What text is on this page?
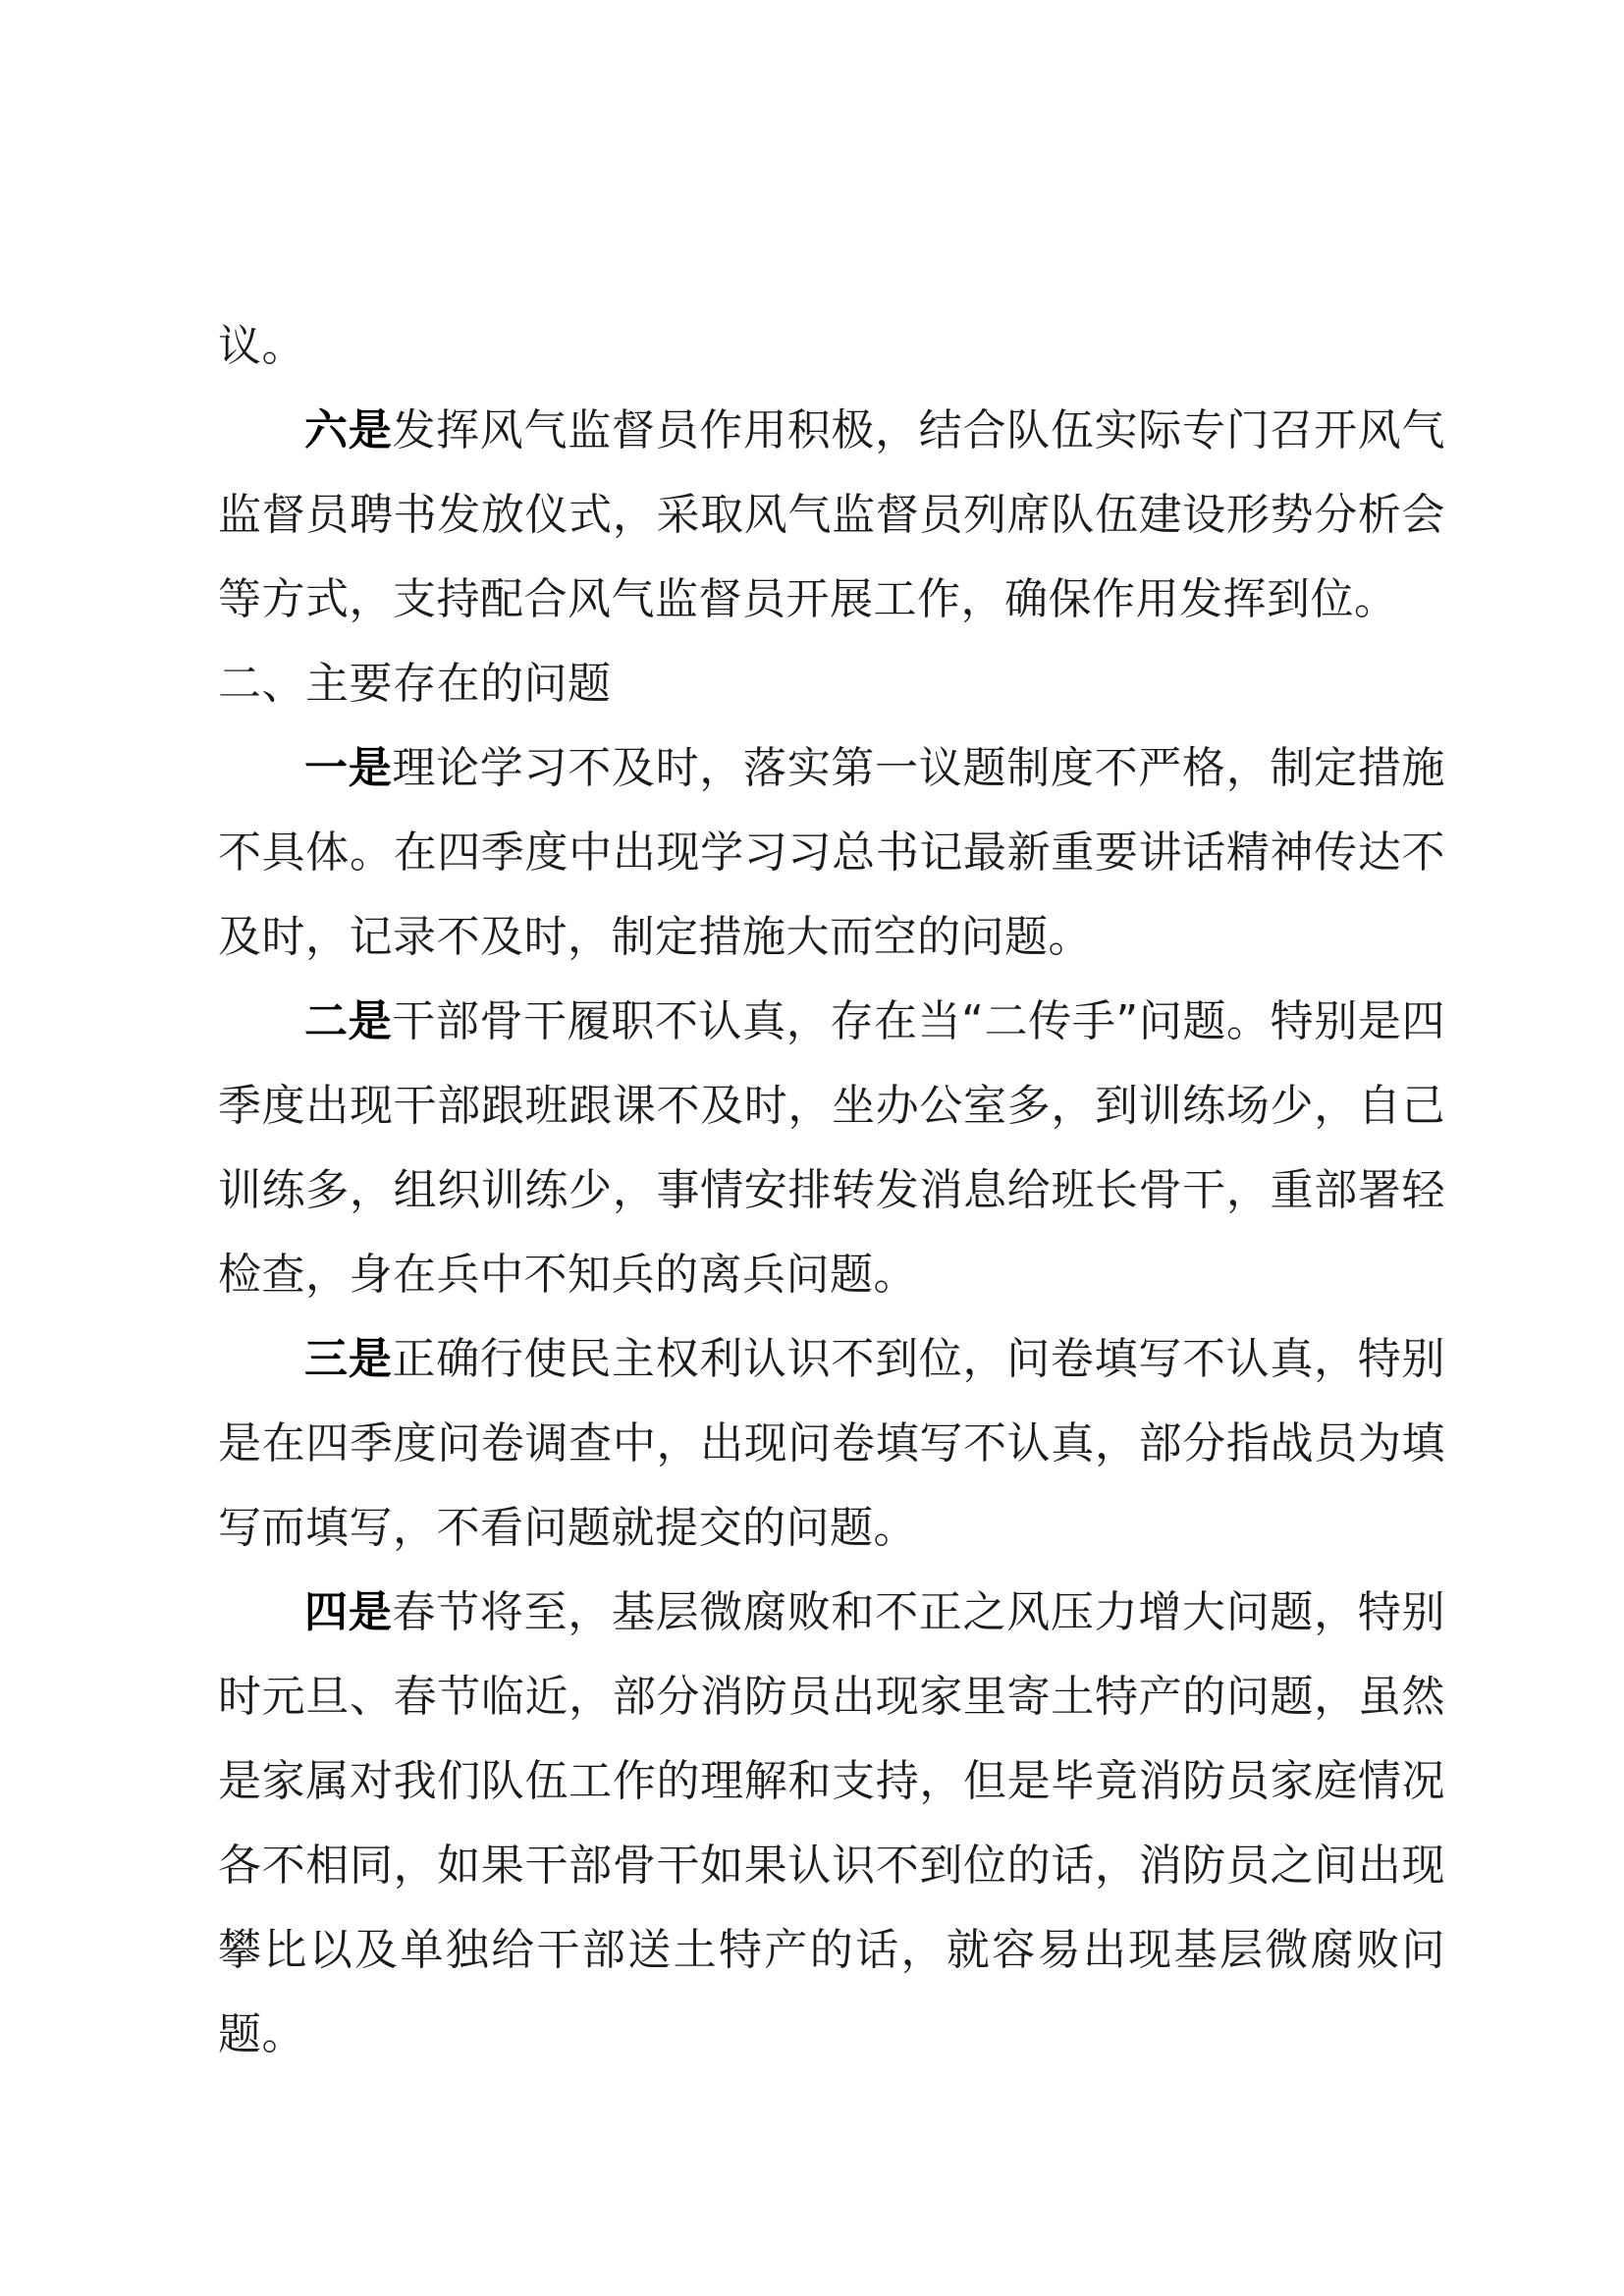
议。

六是发挥风气监督员作用积极，结合队伍实际专门召开风气监督员聘书发放仪式，采取风气监督员列席队伍建设形势分析会等方式，支持配合风气监督员开展工作，确保作用发挥到位。

二、主要存在的问题

一是理论学习不及时，落实第一议题制度不严格，制定措施不具体。在四季度中出现学习习总书记最新重要讲话精神传达不及时，记录不及时，制定措施大而空的问题。

二是干部骨干履职不认真，存在当“二传手”问题。特别是四季度出现干部跟班跟课不及时，坐办公室多，到训练场少，自己训练多，组织训练少，事情安排转发消息给班长骨干，重部署轻检查，身在兵中不知兵的离兵问题。

三是正确行使民主权利认识不到位，问卷填写不认真，特别是在四季度问卷调查中，出现问卷填写不认真，部分指战员为填写而填写，不看问题就提交的问题。

四是春节将至，基层微腐败和不正之风压力增大问题，特别时元旦、春节临近，部分消防员出现家里寄土特产的问题，虽然是家属对我们队伍工作的理解和支持，但是毕竟消防员家庭情况各不相同，如果干部骨干如果认识不到位的话，消防员之间出现攀比以及单独给干部送土特产的话，就容易出现基层微腐败问题。
